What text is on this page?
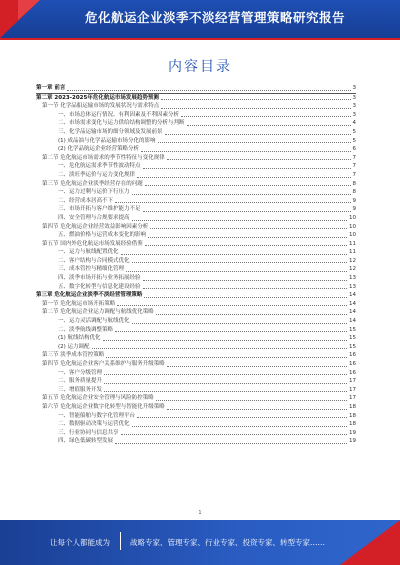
危化航运企业淡季不淡经营管理策略研究报告
内容目录
第一章 前言	3
第二章 2023-2025年危化航运市场发展趋势预测	3
第一节 化学品船运输市场的发展状况与需求特点	3
一、市场总体运行情况、有利因素及不利因素分析	3
二、市场需求变化与运力供给结构调整的分析与判断	4
三、化学品运输市场的细分领域及发展前景	5
(1) 成品油与化学品运输市场分化的影响	5
(2) 化学品航运企业经营策略分析	6
第二节 危化航运市场需求的季节性特征与变化规律	7
一、危化航运需求季节性波动特点	7
二、淡旺季运价与运力变化规律	7
第三节 危化航运企业淡季经营存在的问题	8
一、运力过剩与运价下行压力	8
二、经营成本居高不下	9
三、市场开拓与客户维护能力不足	9
四、安全管理与合规要求提高	10
第四节 危化航运企业经营效益影响因素分析	10
五、燃油价格与运营成本变化的影响	10
第五节 国内外危化航运市场发展经验借鉴	11
一、运力与航线配置优化	11
二、客户结构与合同模式优化	12
三、成本管控与精细化管理	12
四、淡季市场开拓与业务拓展经验	13
五、数字化转型与信息化建设经验	13
第三章 危化航运企业淡季不淡经营管理策略	14
第一节 危化航运市场开拓策略	14
第二节 危化航运企业运力调配与航线优化策略	14
一、运力灵活调配与航线优化	14
二、淡季航线调整策略	15
(1) 航线结构优化	15
(2) 运力调配	15
第三节 淡季成本管控策略	16
第四节 危化航运企业客户关系维护与服务升级策略	16
一、客户分级管理	16
二、服务质量提升	17
三、增值服务开发	17
第五节 危化航运企业安全管理与风险防控策略	17
第六节 危化航运企业数字化转型与智能化升级策略	18
一、智能船舶与数字化管理平台	18
二、数据驱动决策与运营优化	18
三、行业协同与信息共享	19
四、绿色低碳转型发展	19
1
让每个人都能成为	战略专家、管理专家、行业专家、投资专家、转型专家……
